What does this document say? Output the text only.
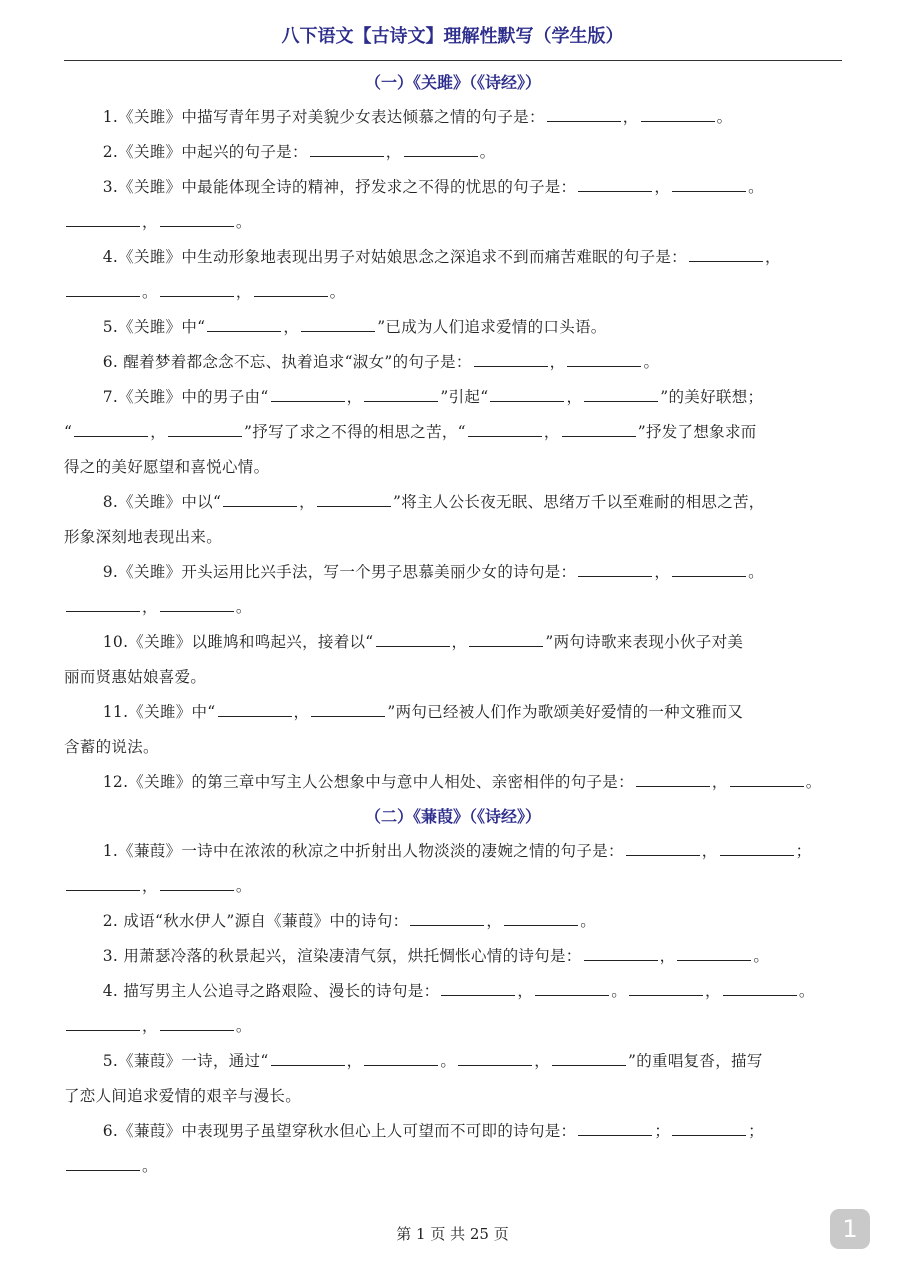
八下语文【古诗文】理解性默写（学生版）
（一）《关雎》（《诗经》）
1.《关雎》中描写青年男子对美貌少女表达倾慕之情的句子是：	，	。
2.《关雎》中起兴的句子是：	，	。
3.《关雎》中最能体现全诗的精神，抒发求之不得的忧思的句子是：	，	。
，	。
4.《关雎》中生动形象地表现出男子对姑娘思念之深追求不到而痛苦难眠的句子是：	，
。	，	。
5.《关雎》中“	，	”已成为人们追求爱情的口头语。
6. 醒着梦着都念念不忘、执着追求“淑女”的句子是：	，	。
7.《关雎》中的男子由“	，	”引起“	，	”的美好联想；
“	，	”抒写了求之不得的相思之苦，“	，	”抒发了想象求而
得之的美好愿望和喜悦心情。
8.《关雎》中以“	，	”将主人公长夜无眠、思绪万千以至难耐的相思之苦，
形象深刻地表现出来。
9.《关雎》开头运用比兴手法，写一个男子思慕美丽少女的诗句是：	，	。
，	。
10.《关雎》以雎鸠和鸣起兴，接着以“	，	”两句诗歌来表现小伙子对美
丽而贤惠姑娘喜爱。
11.《关雎》中“	，	”两句已经被人们作为歌颂美好爱情的一种文雅而又
含蓄的说法。
12.《关雎》的第三章中写主人公想象中与意中人相处、亲密相伴的句子是：	，	。
（二）《蒹葭》（《诗经》）
1.《蒹葭》一诗中在浓浓的秋凉之中折射出人物淡淡的凄婉之情的句子是：	，	；
，	。
2. 成语“秋水伊人”源自《蒹葭》中的诗句：	，	。
3. 用萧瑟冷落的秋景起兴，渲染凄清气氛，烘托惆怅心情的诗句是：	，	。
4. 描写男主人公追寻之路艰险、漫长的诗句是：	，	。	，	。
，	。
5.《蒹葭》一诗，通过“	，	。	，	”的重唱复沓，描写
了恋人间追求爱情的艰辛与漫长。
6.《蒹葭》中表现男子虽望穿秋水但心上人可望而不可即的诗句是：	；	；
。
第 1 页 共 25 页	1
